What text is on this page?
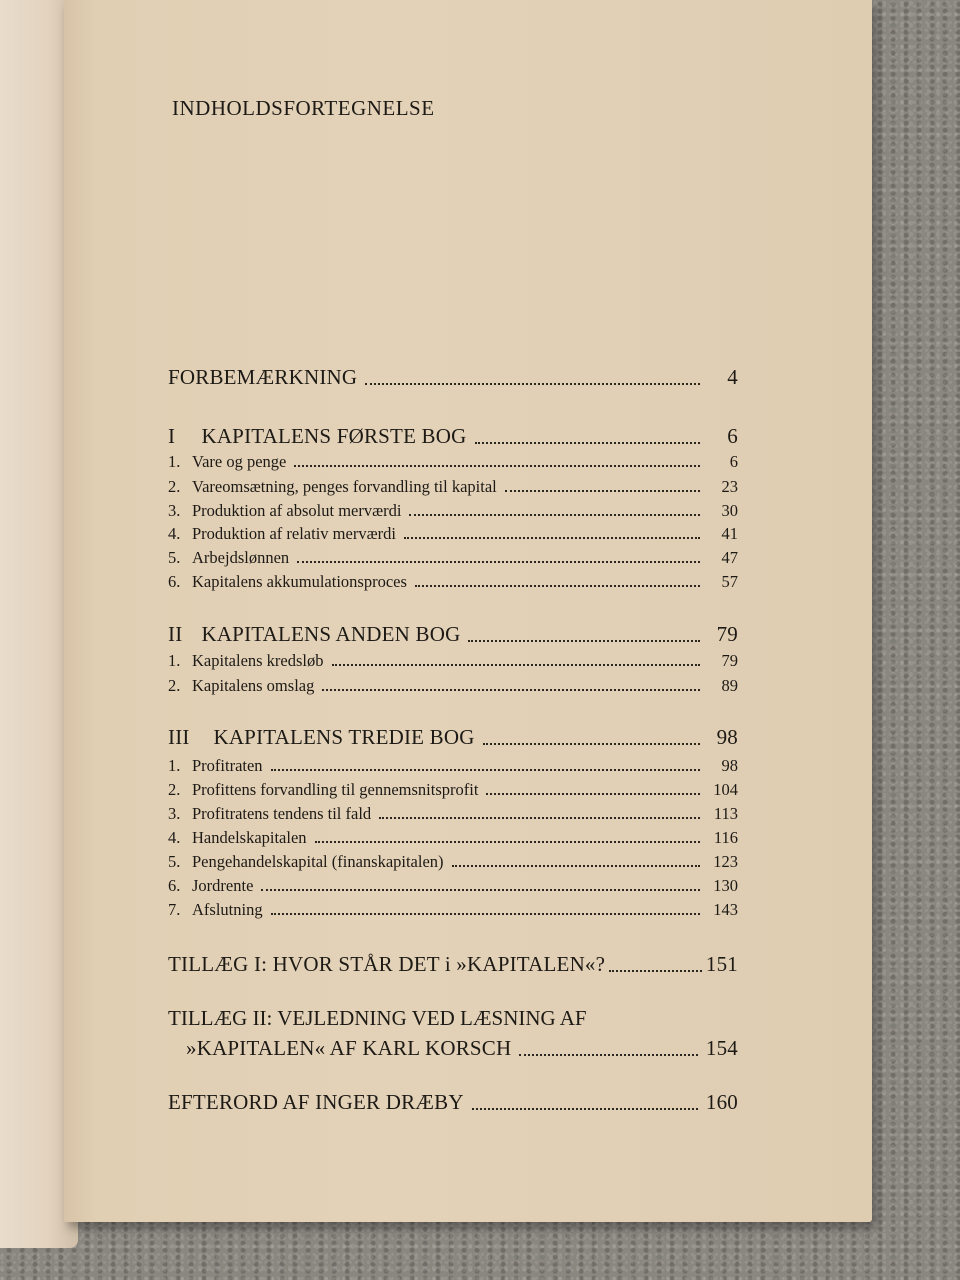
INDHOLDSFORTEGNELSE
FORBEMÆRKNING	4
I KAPITALENS FØRSTE BOG	6
1. Vare og penge	6
2. Vareomsætning, penges forvandling til kapital	23
3. Produktion af absolut merværdi	30
4. Produktion af relativ merværdi	41
5. Arbejdslønnen	47
6. Kapitalens akkumulationsproces	57
II KAPITALENS ANDEN BOG	79
1. Kapitalens kredsløb	79
2. Kapitalens omslag	89
III KAPITALENS TREDIE BOG	98
1. Profitraten	98
2. Profittens forvandling til gennemsnitsprofit	104
3. Profitratens tendens til fald	113
4. Handelskapitalen	116
5. Pengehandelskapital (finanskapitalen)	123
6. Jordrente	130
7. Afslutning	143
TILLÆG I: HVOR STÅR DET i »KAPITALEN«?	151
TILLÆG II: VEJLEDNING VED LÆSNING AF
»KAPITALEN« AF KARL KORSCH	154
EFTERORD AF INGER DRÆBY	160
